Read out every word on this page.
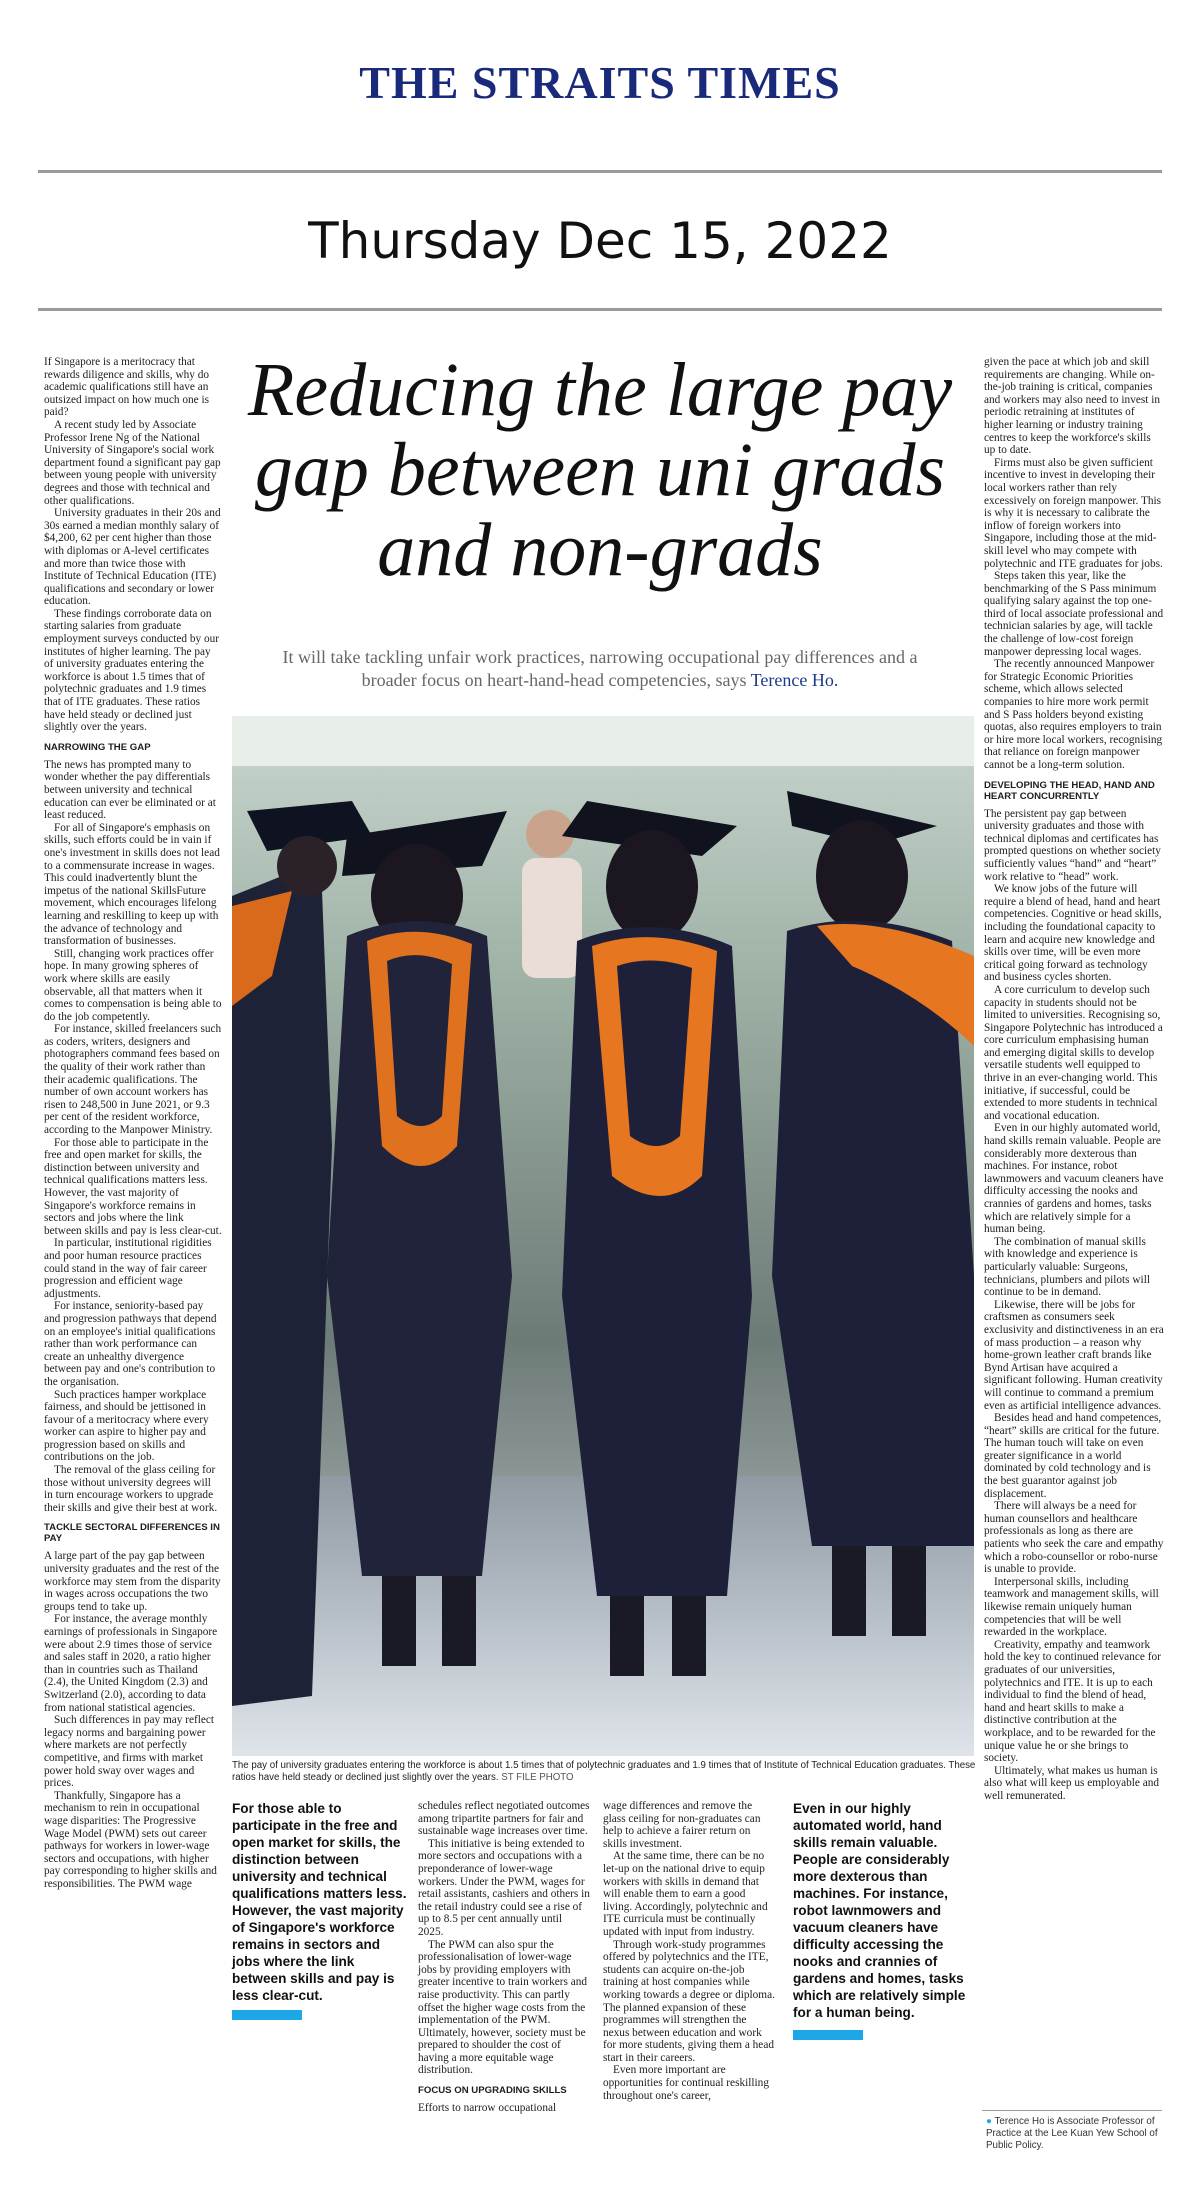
THE STRAITS TIMES
Thursday Dec 15, 2022

If Singapore is a meritocracy that rewards diligence and skills, why do academic qualifications still have an outsized impact on how much one is paid?

A recent study led by Associate Professor Irene Ng of the National University of Singapore's social work department found a significant pay gap between young people with university degrees and those with technical and other qualifications.

University graduates in their 20s and 30s earned a median monthly salary of $4,200, 62 per cent higher than those with diplomas or A-level certificates and more than twice those with Institute of Technical Education (ITE) qualifications and secondary or lower education.

These findings corroborate data on starting salaries from graduate employment surveys conducted by our institutes of higher learning. The pay of university graduates entering the workforce is about 1.5 times that of polytechnic graduates and 1.9 times that of ITE graduates. These ratios have held steady or declined just slightly over the years.

NARROWING THE GAP

The news has prompted many to wonder whether the pay differentials between university and technical education can ever be eliminated or at least reduced.

For all of Singapore's emphasis on skills, such efforts could be in vain if one's investment in skills does not lead to a commensurate increase in wages. This could inadvertently blunt the impetus of the national SkillsFuture movement, which encourages lifelong learning and reskilling to keep up with the advance of technology and transformation of businesses.

Still, changing work practices offer hope. In many growing spheres of work where skills are easily observable, all that matters when it comes to compensation is being able to do the job competently.

For instance, skilled freelancers such as coders, writers, designers and photographers command fees based on the quality of their work rather than their academic qualifications. The number of own account workers has risen to 248,500 in June 2021, or 9.3 per cent of the resident workforce, according to the Manpower Ministry.

For those able to participate in the free and open market for skills, the distinction between university and technical qualifications matters less. However, the vast majority of Singapore's workforce remains in sectors and jobs where the link between skills and pay is less clear-cut.

In particular, institutional rigidities and poor human resource practices could stand in the way of fair career progression and efficient wage adjustments.

For instance, seniority-based pay and progression pathways that depend on an employee's initial qualifications rather than work performance can create an unhealthy divergence between pay and one's contribution to the organisation.

Such practices hamper workplace fairness, and should be jettisoned in favour of a meritocracy where every worker can aspire to higher pay and progression based on skills and contributions on the job.

The removal of the glass ceiling for those without university degrees will in turn encourage workers to upgrade their skills and give their best at work.

TACKLE SECTORAL DIFFERENCES IN PAY

A large part of the pay gap between university graduates and the rest of the workforce may stem from the disparity in wages across occupations the two groups tend to take up.

For instance, the average monthly earnings of professionals in Singapore were about 2.9 times those of service and sales staff in 2020, a ratio higher than in countries such as Thailand (2.4), the United Kingdom (2.3) and Switzerland (2.0), according to data from national statistical agencies.

Such differences in pay may reflect legacy norms and bargaining power where markets are not perfectly competitive, and firms with market power hold sway over wages and prices.

Thankfully, Singapore has a mechanism to rein in occupational wage disparities: The Progressive Wage Model (PWM) sets out career pathways for workers in lower-wage sectors and occupations, with higher pay corresponding to higher skills and responsibilities. The PWM wage

Reducing the large pay gap between uni grads and non-grads
It will take tackling unfair work practices, narrowing occupational pay differences and a broader focus on heart-hand-head competencies, says Terence Ho.
The pay of university graduates entering the workforce is about 1.5 times that of polytechnic graduates and 1.9 times that of Institute of Technical Education graduates. These ratios have held steady or declined just slightly over the years. ST FILE PHOTO
For those able to participate in the free and open market for skills, the distinction between university and technical qualifications matters less. However, the vast majority of Singapore's workforce remains in sectors and jobs where the link between skills and pay is less clear-cut.

schedules reflect negotiated outcomes among tripartite partners for fair and sustainable wage increases over time.

This initiative is being extended to more sectors and occupations with a preponderance of lower-wage workers. Under the PWM, wages for retail assistants, cashiers and others in the retail industry could see a rise of up to 8.5 per cent annually until 2025.

The PWM can also spur the professionalisation of lower-wage jobs by providing employers with greater incentive to train workers and raise productivity. This can partly offset the higher wage costs from the implementation of the PWM. Ultimately, however, society must be prepared to shoulder the cost of having a more equitable wage distribution.

FOCUS ON UPGRADING SKILLS

Efforts to narrow occupational

wage differences and remove the glass ceiling for non-graduates can help to achieve a fairer return on skills investment.

At the same time, there can be no let-up on the national drive to equip workers with skills in demand that will enable them to earn a good living. Accordingly, polytechnic and ITE curricula must be continually updated with input from industry.

Through work-study programmes offered by polytechnics and the ITE, students can acquire on-the-job training at host companies while working towards a degree or diploma. The planned expansion of these programmes will strengthen the nexus between education and work for more students, giving them a head start in their careers.

Even more important are opportunities for continual reskilling throughout one's career,

Even in our highly automated world, hand skills remain valuable. People are considerably more dexterous than machines. For instance, robot lawnmowers and vacuum cleaners have difficulty accessing the nooks and crannies of gardens and homes, tasks which are relatively simple for a human being.

given the pace at which job and skill requirements are changing. While on-the-job training is critical, companies and workers may also need to invest in periodic retraining at institutes of higher learning or industry training centres to keep the workforce's skills up to date.

Firms must also be given sufficient incentive to invest in developing their local workers rather than rely excessively on foreign manpower. This is why it is necessary to calibrate the inflow of foreign workers into Singapore, including those at the mid-skill level who may compete with polytechnic and ITE graduates for jobs.

Steps taken this year, like the benchmarking of the S Pass minimum qualifying salary against the top one-third of local associate professional and technician salaries by age, will tackle the challenge of low-cost foreign manpower depressing local wages.

The recently announced Manpower for Strategic Economic Priorities scheme, which allows selected companies to hire more work permit and S Pass holders beyond existing quotas, also requires employers to train or hire more local workers, recognising that reliance on foreign manpower cannot be a long-term solution.

DEVELOPING THE HEAD, HAND AND HEART CONCURRENTLY

The persistent pay gap between university graduates and those with technical diplomas and certificates has prompted questions on whether society sufficiently values “hand” and “heart” work relative to “head” work.

We know jobs of the future will require a blend of head, hand and heart competencies. Cognitive or head skills, including the foundational capacity to learn and acquire new knowledge and skills over time, will be even more critical going forward as technology and business cycles shorten.

A core curriculum to develop such capacity in students should not be limited to universities. Recognising so, Singapore Polytechnic has introduced a core curriculum emphasising human and emerging digital skills to develop versatile students well equipped to thrive in an ever-changing world. This initiative, if successful, could be extended to more students in technical and vocational education.

Even in our highly automated world, hand skills remain valuable. People are considerably more dexterous than machines. For instance, robot lawnmowers and vacuum cleaners have difficulty accessing the nooks and crannies of gardens and homes, tasks which are relatively simple for a human being.

The combination of manual skills with knowledge and experience is particularly valuable: Surgeons, technicians, plumbers and pilots will continue to be in demand.

Likewise, there will be jobs for craftsmen as consumers seek exclusivity and distinctiveness in an era of mass production – a reason why home-grown leather craft brands like Bynd Artisan have acquired a significant following. Human creativity will continue to command a premium even as artificial intelligence advances.

Besides head and hand competences, “heart” skills are critical for the future. The human touch will take on even greater significance in a world dominated by cold technology and is the best guarantor against job displacement.

There will always be a need for human counsellors and healthcare professionals as long as there are patients who seek the care and empathy which a robo-counsellor or robo-nurse is unable to provide.

Interpersonal skills, including teamwork and management skills, will likewise remain uniquely human competencies that will be well rewarded in the workplace.

Creativity, empathy and teamwork hold the key to continued relevance for graduates of our universities, polytechnics and ITE. It is up to each individual to find the blend of head, hand and heart skills to make a distinctive contribution at the workplace, and to be rewarded for the unique value he or she brings to society.

Ultimately, what makes us human is also what will keep us employable and well remunerated.

● Terence Ho is Associate Professor of Practice at the Lee Kuan Yew School of Public Policy.
